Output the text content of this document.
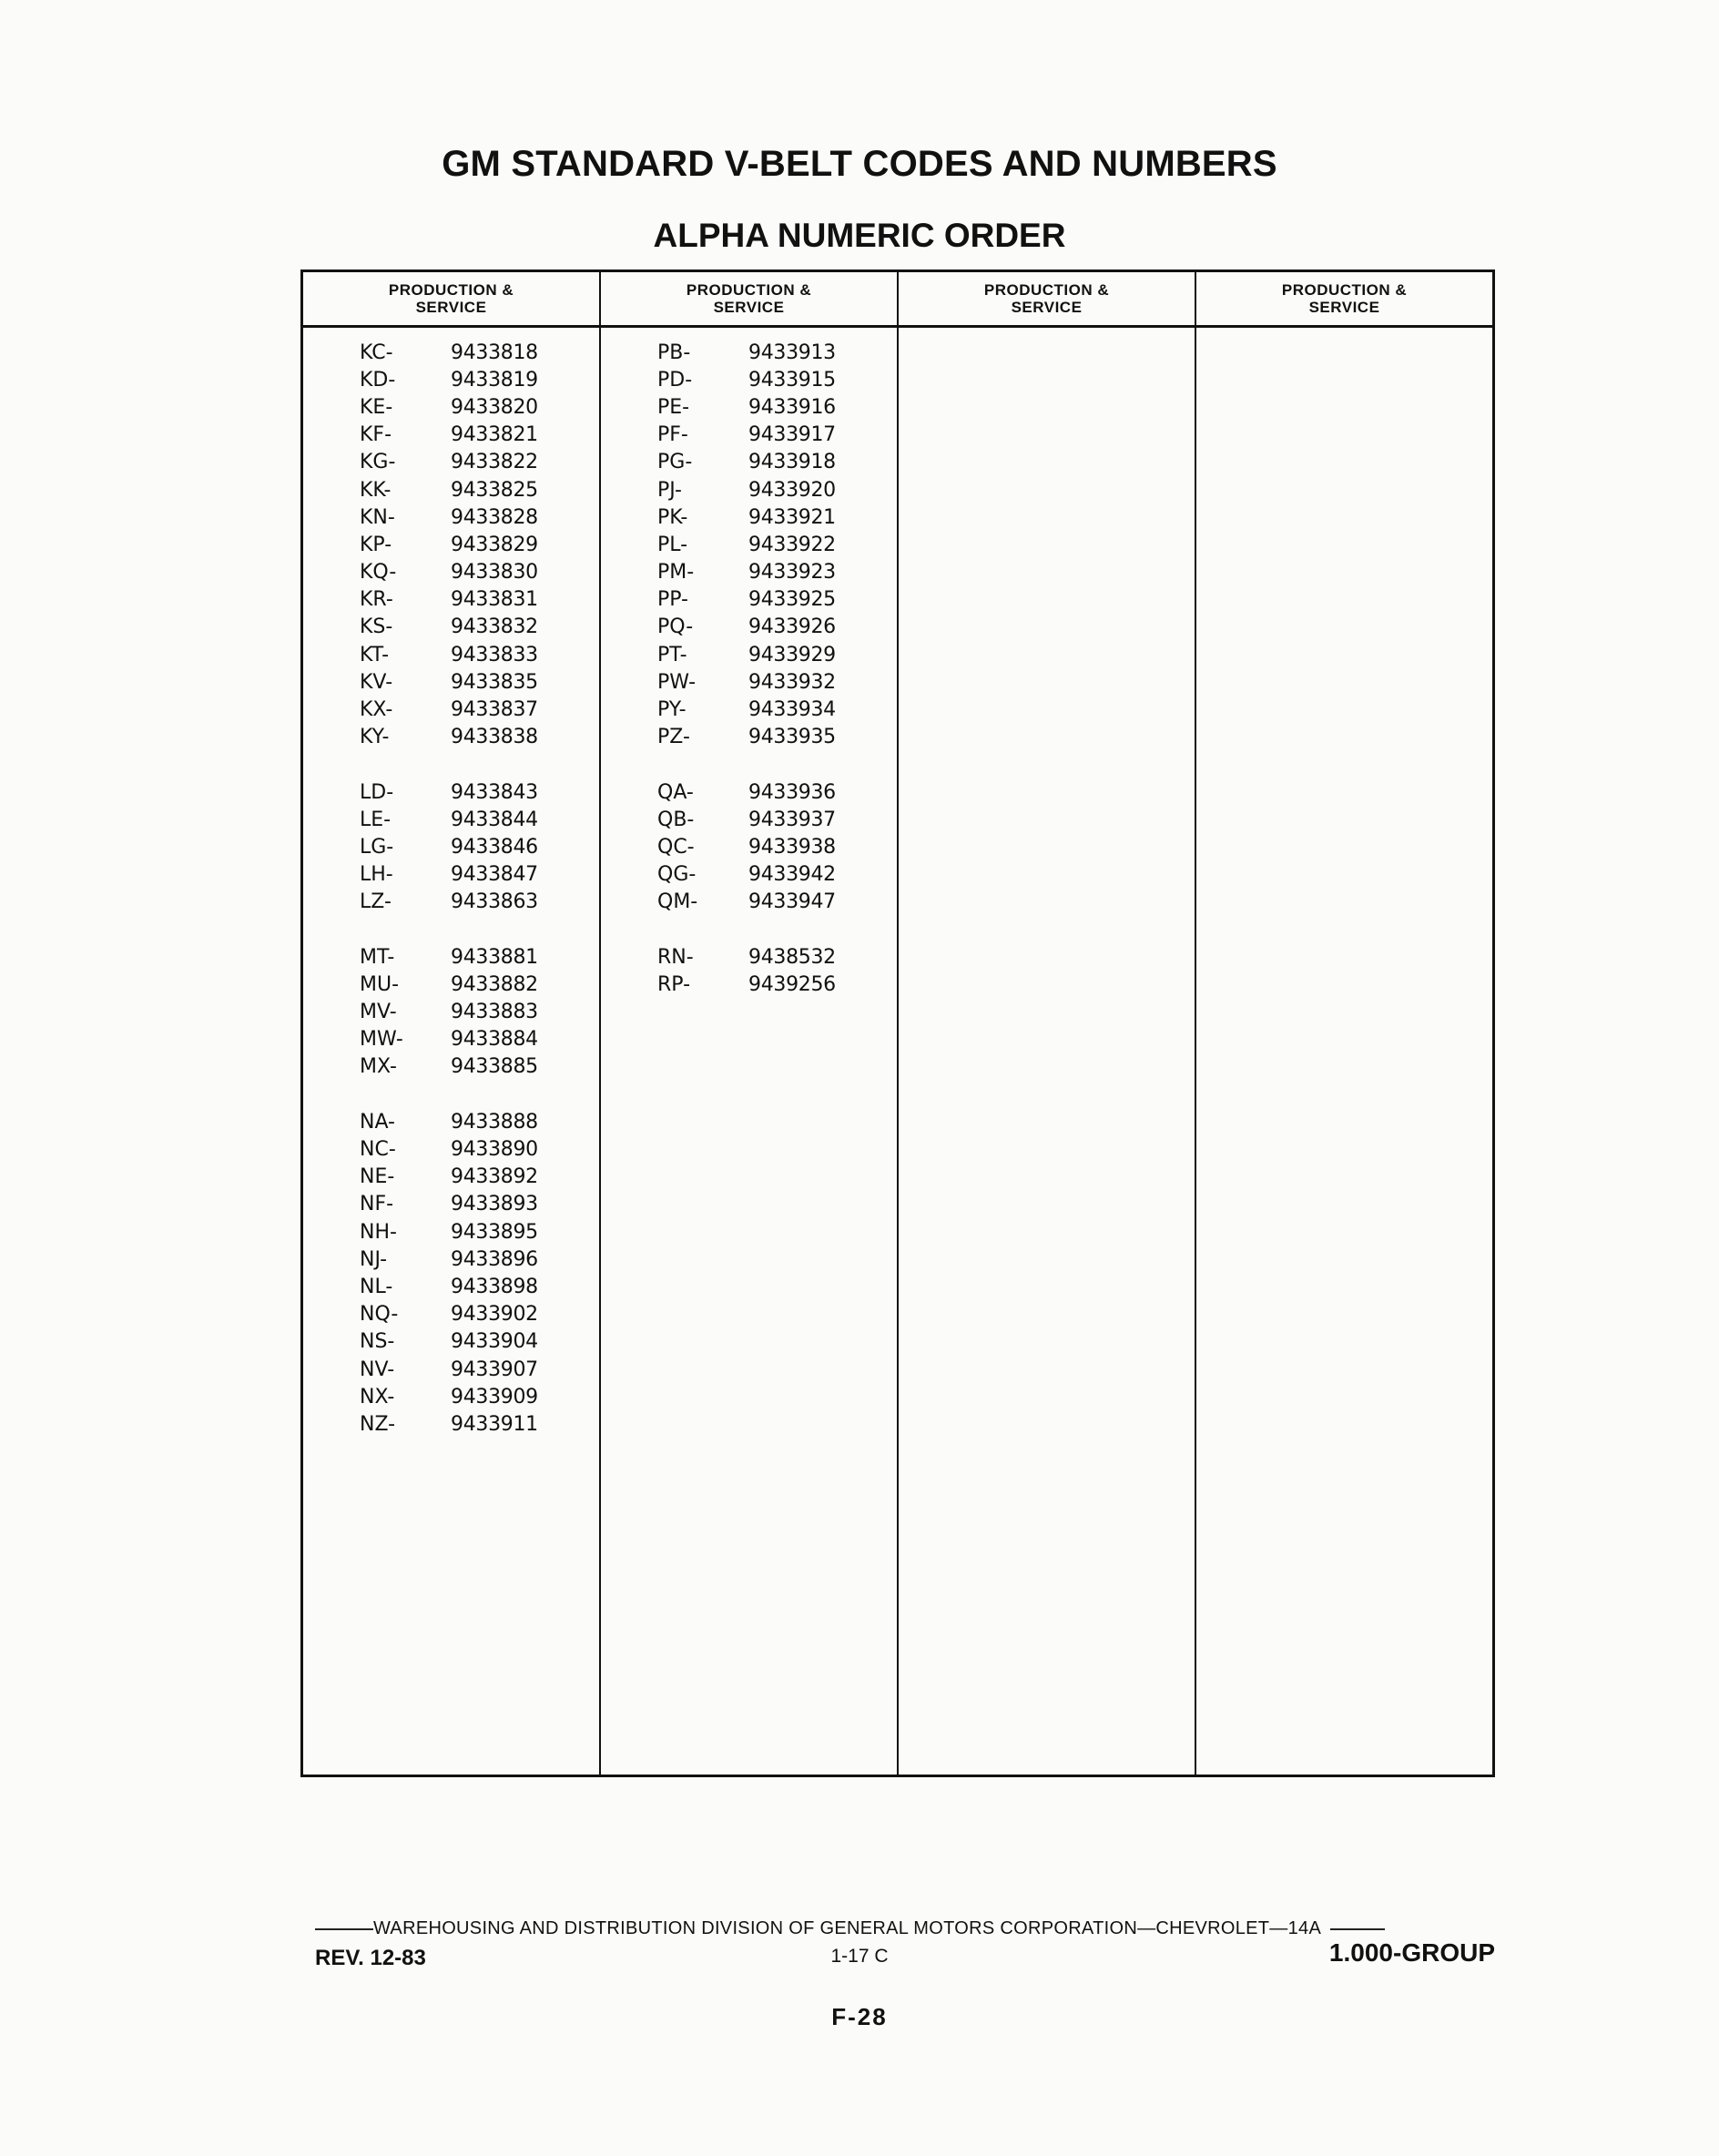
GM STANDARD V-BELT CODES AND NUMBERS
ALPHA NUMERIC ORDER
PRODUCTION &
SERVICE
KC-	9433818
KD-	9433819
KE-	9433820
KF-	9433821
KG-	9433822
KK-	9433825
KN-	9433828
KP-	9433829
KQ-	9433830
KR-	9433831
KS-	9433832
KT-	9433833
KV-	9433835
KX-	9433837
KY-	9433838
LD-	9433843
LE-	9433844
LG-	9433846
LH-	9433847
LZ-	9433863
MT-	9433881
MU-	9433882
MV-	9433883
MW-	9433884
MX-	9433885
NA-	9433888
NC-	9433890
NE-	9433892
NF-	9433893
NH-	9433895
NJ-	9433896
NL-	9433898
NQ-	9433902
NS-	9433904
NV-	9433907
NX-	9433909
NZ-	9433911
PRODUCTION &
SERVICE
PB-	9433913
PD-	9433915
PE-	9433916
PF-	9433917
PG-	9433918
PJ-	9433920
PK-	9433921
PL-	9433922
PM-	9433923
PP-	9433925
PQ-	9433926
PT-	9433929
PW-	9433932
PY-	9433934
PZ-	9433935
QA-	9433936
QB-	9433937
QC-	9433938
QG-	9433942
QM-	9433947
RN-	9438532
RP-	9439256
PRODUCTION &
SERVICE
PRODUCTION &
SERVICE
WAREHOUSING AND DISTRIBUTION DIVISION OF GENERAL MOTORS CORPORATION—CHEVROLET—14A
REV. 12-83	1-17 C	1.000-GROUP
F-28
